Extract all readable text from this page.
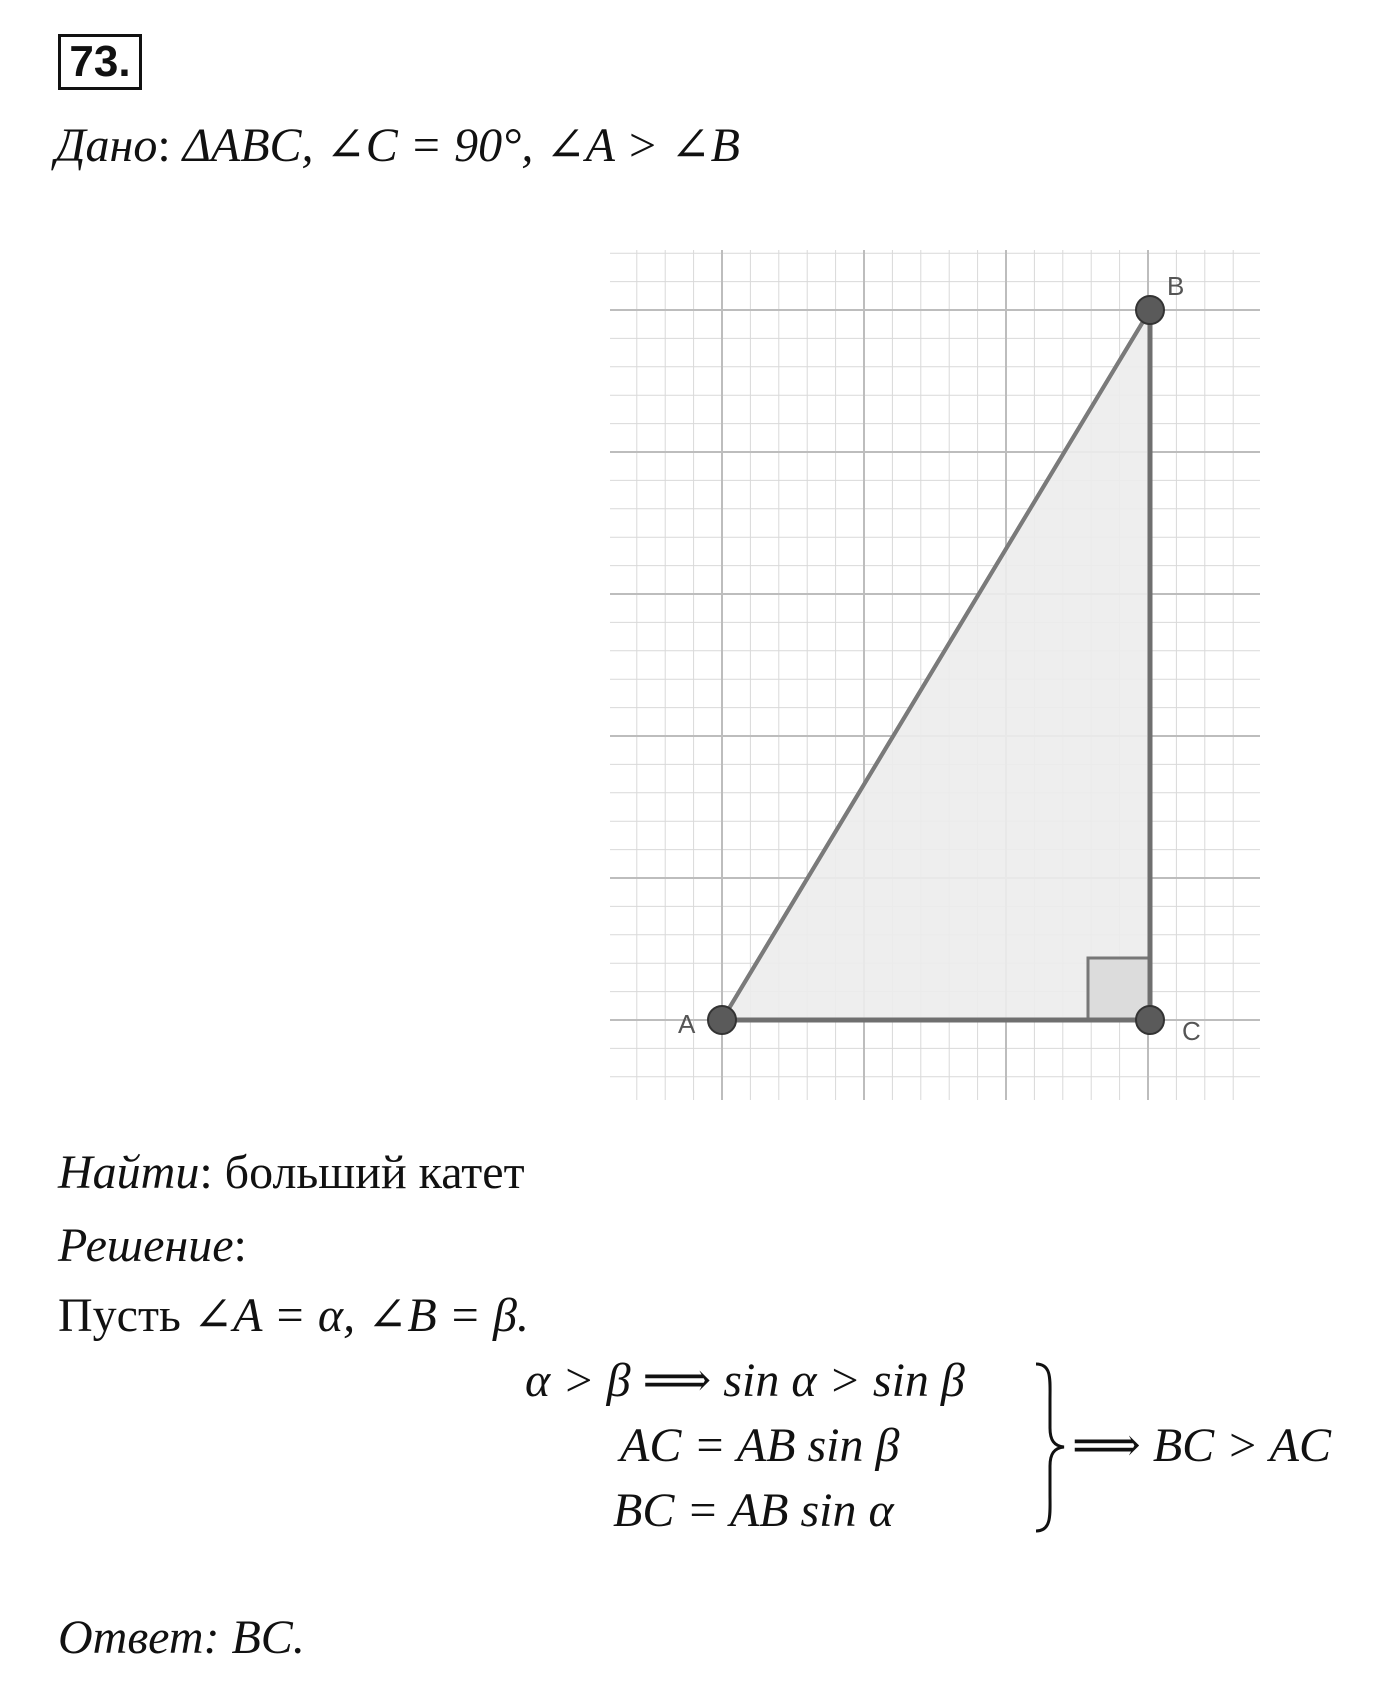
73.
Дано: ΔABC, ∠C = 90°, ∠A > ∠B
A
B
C
Найти: больший катет
Решение:
Пусть ∠A = α, ∠B = β.
α > β ⟹ sin α > sin β
AC = AB sin β
BC = AB sin α
⟹ BC > AC
Ответ: BC.
